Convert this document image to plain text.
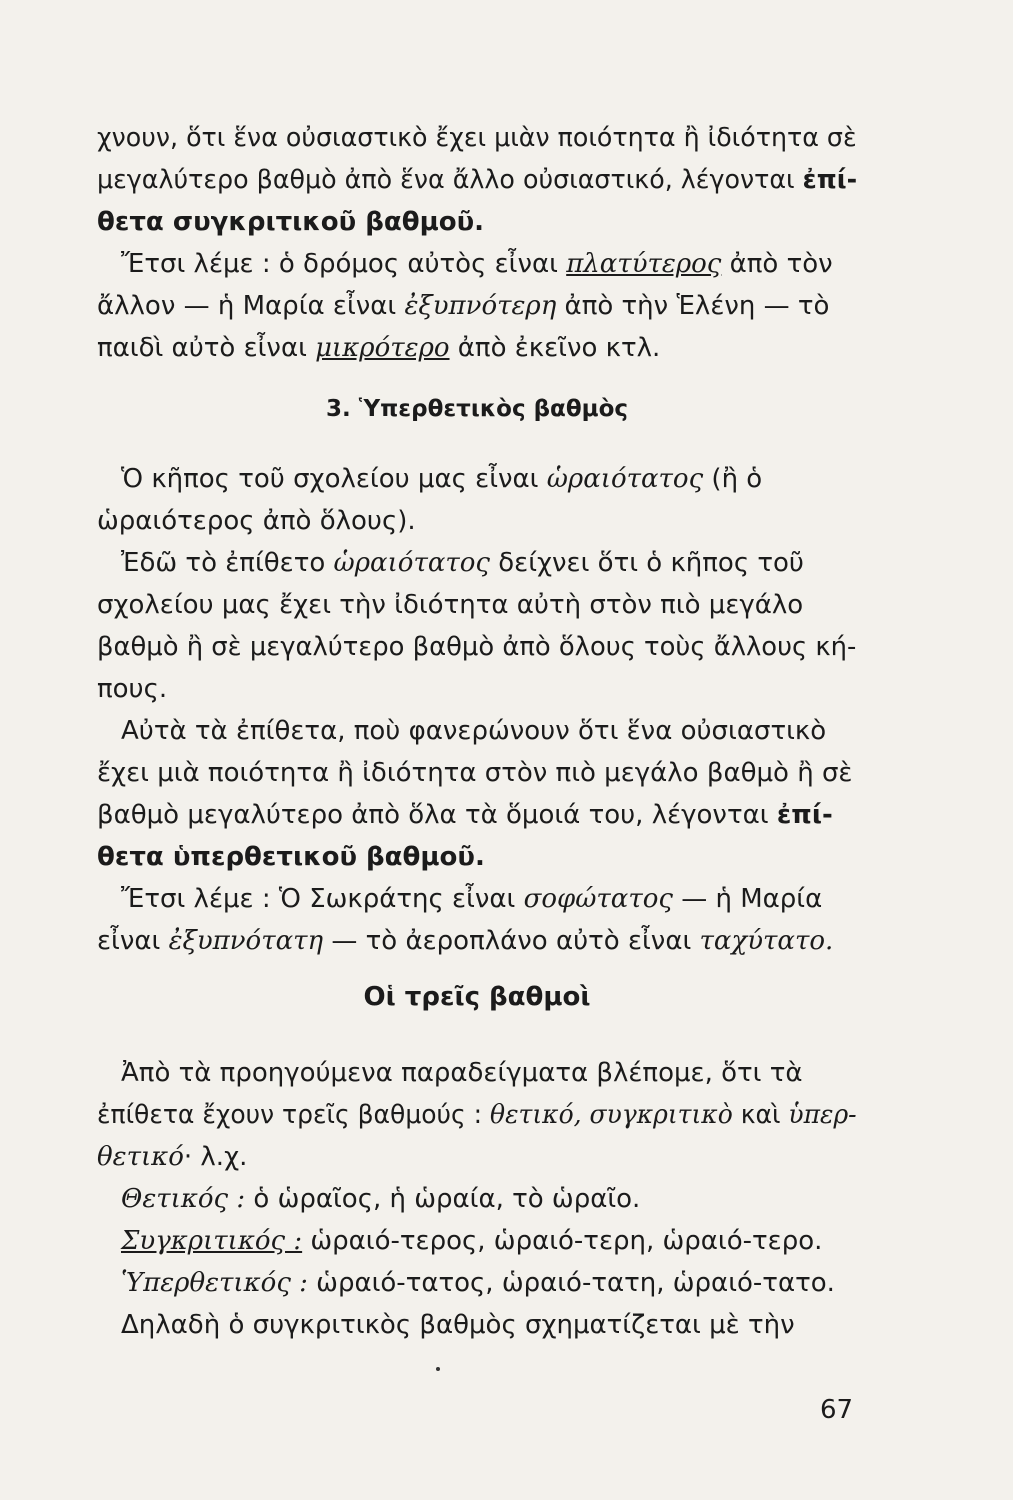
χνουν, ὅτι ἕνα οὐσιαστικὸ ἔχει μιὰν ποιότητα ἢ ἰδιότητα σὲ
μεγαλύτερο βαθμὸ ἀπὸ ἕνα ἄλλο οὐσιαστικό, λέγονται ἐπί-
θετα συγκριτικοῦ βαθμοῦ.
Ἔτσι λέμε : ὁ δρόμος αὐτὸς εἶναι πλατύτερος ἀπὸ τὸν
ἄλλον — ἡ Μαρία εἶναι ἐξυπνότερη ἀπὸ τὴν Ἑλένη — τὸ
παιδὶ αὐτὸ εἶναι μικρότερο ἀπὸ ἐκεῖνο κτλ.
3. Ὑπερθετικὸς βαθμὸς
Ὁ κῆπος τοῦ σχολείου μας εἶναι ὡραιότατος (ἢ ὁ
ὡραιότερος ἀπὸ ὅλους).
Ἐδῶ τὸ ἐπίθετο ὡραιότατος δείχνει ὅτι ὁ κῆπος τοῦ
σχολείου μας ἔχει τὴν ἰδιότητα αὐτὴ στὸν πιὸ μεγάλο
βαθμὸ ἢ σὲ μεγαλύτερο βαθμὸ ἀπὸ ὅλους τοὺς ἄλλους κή-
πους.
Αὐτὰ τὰ ἐπίθετα, ποὺ φανερώνουν ὅτι ἕνα οὐσιαστικὸ
ἔχει μιὰ ποιότητα ἢ ἰδιότητα στὸν πιὸ μεγάλο βαθμὸ ἢ σὲ
βαθμὸ μεγαλύτερο ἀπὸ ὅλα τὰ ὅμοιά του, λέγονται ἐπί-
θετα ὑπερθετικοῦ βαθμοῦ.
Ἔτσι λέμε : Ὁ Σωκράτης εἶναι σοφώτατος — ἡ Μαρία
εἶναι ἐξυπνότατη — τὸ ἀεροπλάνο αὐτὸ εἶναι ταχύτατο.
Οἱ τρεῖς βαθμοὶ
Ἀπὸ τὰ προηγούμενα παραδείγματα βλέπομε, ὅτι τὰ
ἐπίθετα ἔχουν τρεῖς βαθμούς : θετικό, συγκριτικὸ καὶ ὑπερ-
θετικό· λ.χ.
Θετικός : ὁ ὡραῖος, ἡ ὡραία, τὸ ὡραῖο.
Συγκριτικός : ὡραιό-τερος, ὡραιό-τερη, ὡραιό-τερο.
Ὑπερθετικός : ὡραιό-τατος, ὡραιό-τατη, ὡραιό-τατο.
Δηλαδὴ ὁ συγκριτικὸς βαθμὸς σχηματίζεται μὲ τὴν
67
